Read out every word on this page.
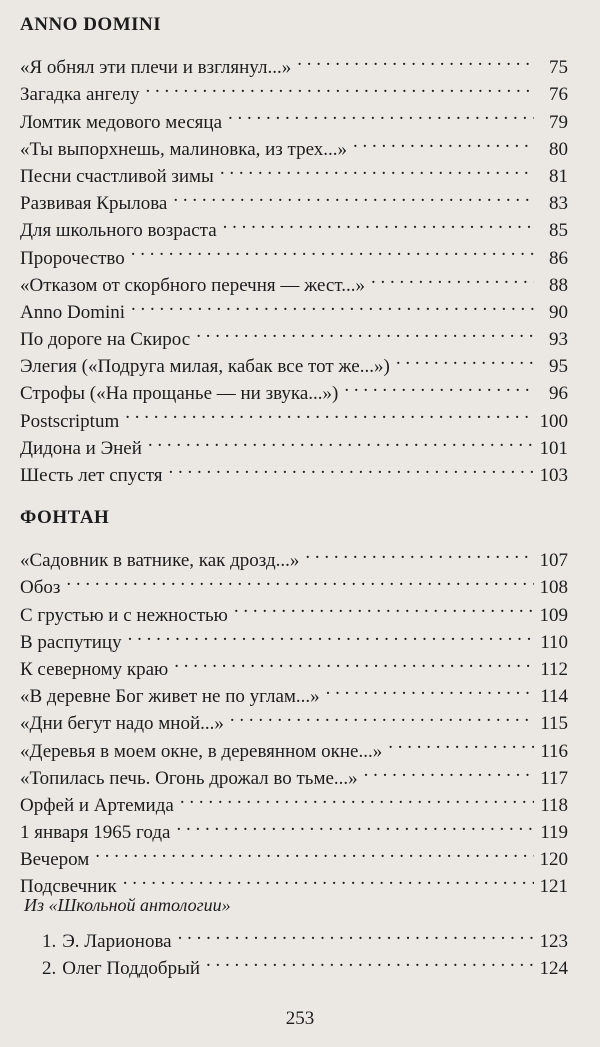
ANNO DOMINI
«Я обнял эти плечи и взглянул...» . . .	75
Загадка ангелу . . .	76
Ломтик медового месяца . . .	79
«Ты выпорхнешь, малиновка, из трех...» . . .	80
Песни счастливой зимы . . .	81
Развивая Крылова . . .	83
Для школьного возраста . . .	85
Пророчество . . .	86
«Отказом от скорбного перечня — жест...» . . .	88
Anno Domini . . .	90
По дороге на Скирос . . .	93
Элегия («Подруга милая, кабак все тот же...») . . .	95
Строфы («На прощанье — ни звука...») . . .	96
Postscriptum . . .	100
Дидона и Эней . . .	101
Шесть лет спустя . . .	103
ФОНТАН
«Садовник в ватнике, как дрозд...» . . .	107
Обоз . . .	108
С грустью и с нежностью . . .	109
В распутицу . . .	110
К северному краю . . .	112
«В деревне Бог живет не по углам...» . . .	114
«Дни бегут надо мной...» . . .	115
«Деревья в моем окне, в деревянном окне...» . . .	116
«Топилась печь. Огонь дрожал во тьме...» . . .	117
Орфей и Артемида . . .	118
1 января 1965 года . . .	119
Вечером . . .	120
Подсвечник . . .	121
Из «Школьной антологии»
1. Э. Ларионова . . .	123
2. Олег Поддобрый . . .	124
253
